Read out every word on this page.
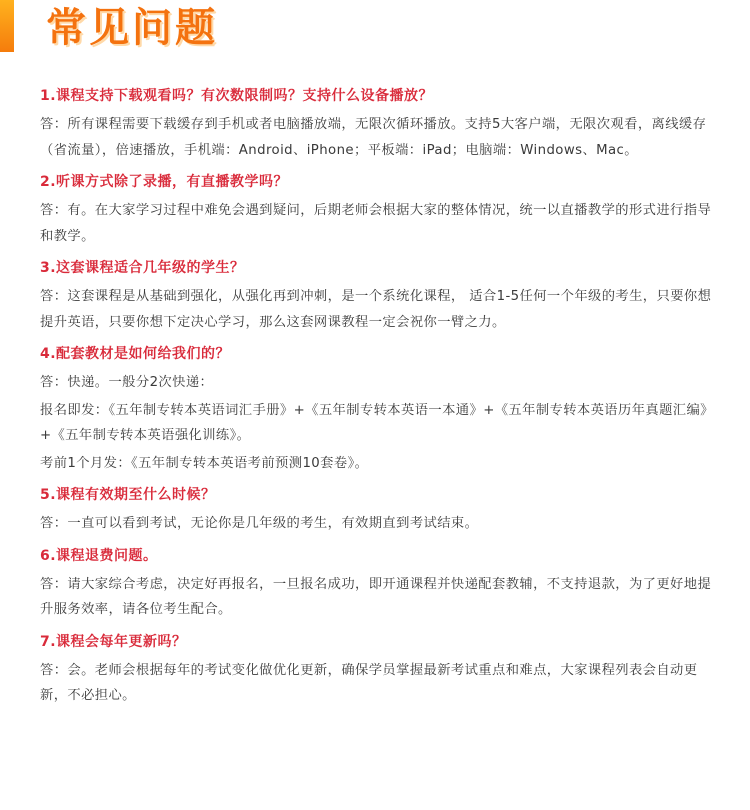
常见问题
1.课程支持下载观看吗？有次数限制吗？支持什么设备播放？
答：所有课程需要下载缓存到手机或者电脑播放端，无限次循环播放。支持5大客户端，无限次观看，离线缓存（省流量），倍速播放，手机端：Android、iPhone；平板端：iPad；电脑端：Windows、Mac。
2.听课方式除了录播，有直播教学吗？
答：有。在大家学习过程中难免会遇到疑问，后期老师会根据大家的整体情况，统一以直播教学的形式进行指导和教学。
3.这套课程适合几年级的学生？
答：这套课程是从基础到强化，从强化再到冲刺，是一个系统化课程， 适合1-5任何一个年级的考生，只要你想提升英语，只要你想下定决心学习，那么这套网课教程一定会祝你一臂之力。
4.配套教材是如何给我们的？
答：快递。一般分2次快递：
报名即发：《五年制专转本英语词汇手册》+《五年制专转本英语一本通》+《五年制专转本英语历年真题汇编》+《五年制专转本英语强化训练》。
考前1个月发：《五年制专转本英语考前预测10套卷》。
5.课程有效期至什么时候？
答：一直可以看到考试，无论你是几年级的考生，有效期直到考试结束。
6.课程退费问题。
答：请大家综合考虑，决定好再报名，一旦报名成功，即开通课程并快递配套教辅，不支持退款，为了更好地提升服务效率，请各位考生配合。
7.课程会每年更新吗？
答：会。老师会根据每年的考试变化做优化更新，确保学员掌握最新考试重点和难点，大家课程列表会自动更新，不必担心。
